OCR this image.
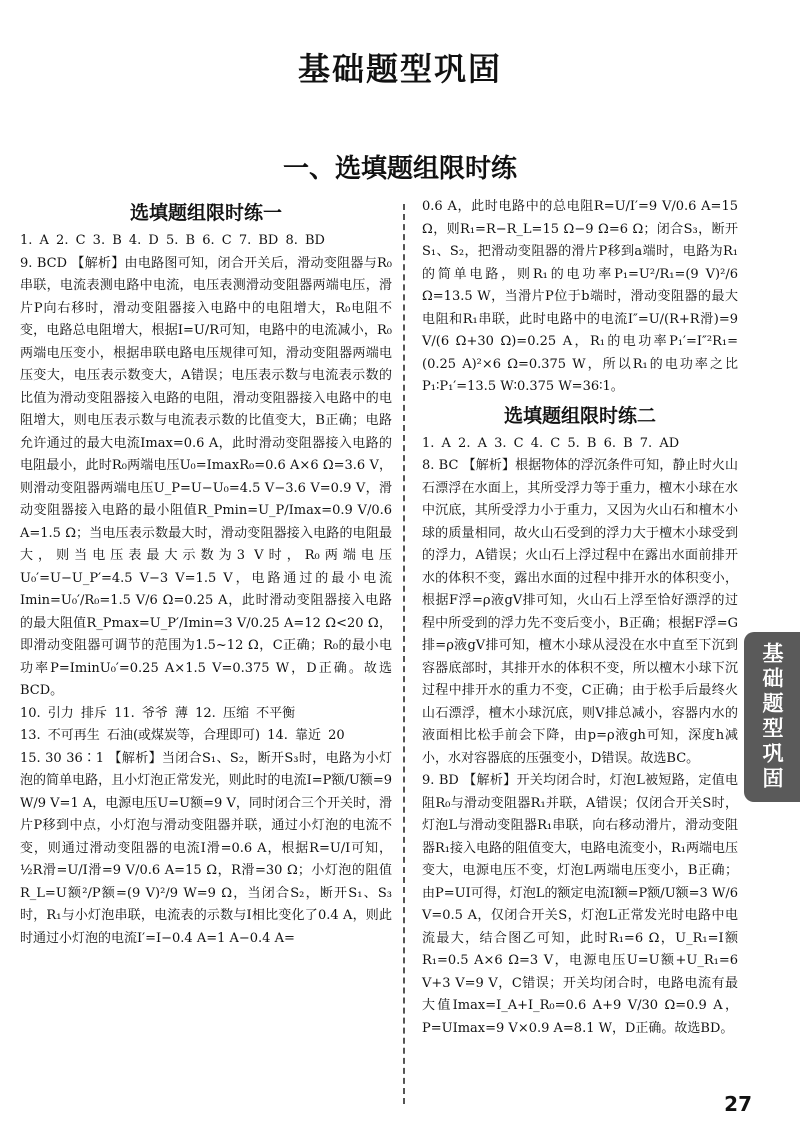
基础题型巩固
一、选填题组限时练
选填题组限时练一

1. A 2. C 3. B 4. D 5. B 6. C 7. BD 8. BD

9. BCD 【解析】由电路图可知，闭合开关后，滑动变阻器与R₀串联，电流表测电路中电流，电压表测滑动变阻器两端电压，滑片P向右移时，滑动变阻器接入电路中的电阻增大，R₀电阻不变，电路总电阻增大，根据I=U/R可知，电路中的电流减小，R₀两端电压变小，根据串联电路电压规律可知，滑动变阻器两端电压变大，电压表示数变大，A错误；电压表示数与电流表示数的比值为滑动变阻器接入电路的电阻，滑动变阻器接入电路中的电阻增大，则电压表示数与电流表示数的比值变大，B正确；电路允许通过的最大电流Imax=0.6 A，此时滑动变阻器接入电路的电阻最小，此时R₀两端电压U₀=ImaxR₀=0.6 A×6 Ω=3.6 V，则滑动变阻器两端电压U_P=U−U₀=4.5 V−3.6 V=0.9 V，滑动变阻器接入电路的最小阻值R_Pmin=U_P/Imax=0.9 V/0.6 A=1.5 Ω；当电压表示数最大时，滑动变阻器接入电路的电阻最大，则当电压表最大示数为3 V时，R₀两端电压U₀′=U−U_P′=4.5 V−3 V=1.5 V，电路通过的最小电流Imin=U₀′/R₀=1.5 V/6 Ω=0.25 A，此时滑动变阻器接入电路的最大阻值R_Pmax=U_P′/Imin=3 V/0.25 A=12 Ω<20 Ω，即滑动变阻器可调节的范围为1.5~12 Ω，C正确；R₀的最小电功率P=IminU₀′=0.25 A×1.5 V=0.375 W，D正确。故选BCD。

10. 引力 排斥 11. 爷爷 薄 12. 压缩 不平衡

13. 不可再生 石油(或煤炭等，合理即可) 14. 靠近 20

15. 30 36∶1 【解析】当闭合S₁、S₂，断开S₃时，电路为小灯泡的简单电路，且小灯泡正常发光，则此时的电流I=P额/U额=9 W/9 V=1 A，电源电压U=U额=9 V，同时闭合三个开关时，滑片P移到中点，小灯泡与滑动变阻器并联，通过小灯泡的电流不变，则通过滑动变阻器的电流I滑=0.6 A，根据R=U/I可知，½R滑=U/I滑=9 V/0.6 A=15 Ω，R滑=30 Ω；小灯泡的阻值R_L=U额²/P额=(9 V)²/9 W=9 Ω，当闭合S₂，断开S₁、S₃时，R₁与小灯泡串联，电流表的示数与I相比变化了0.4 A，则此时通过小灯泡的电流I′=I−0.4 A=1 A−0.4 A=

0.6 A，此时电路中的总电阻R=U/I′=9 V/0.6 A=15 Ω，则R₁=R−R_L=15 Ω−9 Ω=6 Ω；闭合S₃，断开S₁、S₂，把滑动变阻器的滑片P移到a端时，电路为R₁的简单电路，则R₁的电功率P₁=U²/R₁=(9 V)²/6 Ω=13.5 W，当滑片P位于b端时，滑动变阻器的最大电阻和R₁串联，此时电路中的电流I″=U/(R+R滑)=9 V/(6 Ω+30 Ω)=0.25 A，R₁的电功率P₁′=I″²R₁=(0.25 A)²×6 Ω=0.375 W，所以R₁的电功率之比P₁∶P₁′=13.5 W∶0.375 W=36∶1。

选填题组限时练二

1. A 2. A 3. C 4. C 5. B 6. B 7. AD

8. BC 【解析】根据物体的浮沉条件可知，静止时火山石漂浮在水面上，其所受浮力等于重力，檀木小球在水中沉底，其所受浮力小于重力，又因为火山石和檀木小球的质量相同，故火山石受到的浮力大于檀木小球受到的浮力，A错误；火山石上浮过程中在露出水面前排开水的体积不变，露出水面的过程中排开水的体积变小，根据F浮=ρ液gV排可知，火山石上浮至恰好漂浮的过程中所受到的浮力先不变后变小，B正确；根据F浮=G排=ρ液gV排可知，檀木小球从浸没在水中直至下沉到容器底部时，其排开水的体积不变，所以檀木小球下沉过程中排开水的重力不变，C正确；由于松手后最终火山石漂浮，檀木小球沉底，则V排总减小，容器内水的液面相比松手前会下降，由p=ρ液gh可知，深度h减小，水对容器底的压强变小，D错误。故选BC。

9. BD 【解析】开关均闭合时，灯泡L被短路，定值电阻R₀与滑动变阻器R₁并联，A错误；仅闭合开关S时，灯泡L与滑动变阻器R₁串联，向右移动滑片，滑动变阻器R₁接入电路的阻值变大，电路电流变小，R₁两端电压变大，电源电压不变，灯泡L两端电压变小，B正确；由P=UI可得，灯泡L的额定电流I额=P额/U额=3 W/6 V=0.5 A，仅闭合开关S，灯泡L正常发光时电路中电流最大，结合图乙可知，此时R₁=6 Ω，U_R₁=I额R₁=0.5 A×6 Ω=3 V，电源电压U=U额+U_R₁=6 V+3 V=9 V，C错误；开关均闭合时，电路电流有最大值Imax=I_A+I_R₀=0.6 A+9 V/30 Ω=0.9 A，P=UImax=9 V×0.9 A=8.1 W，D正确。故选BD。

基础题型巩固
27
